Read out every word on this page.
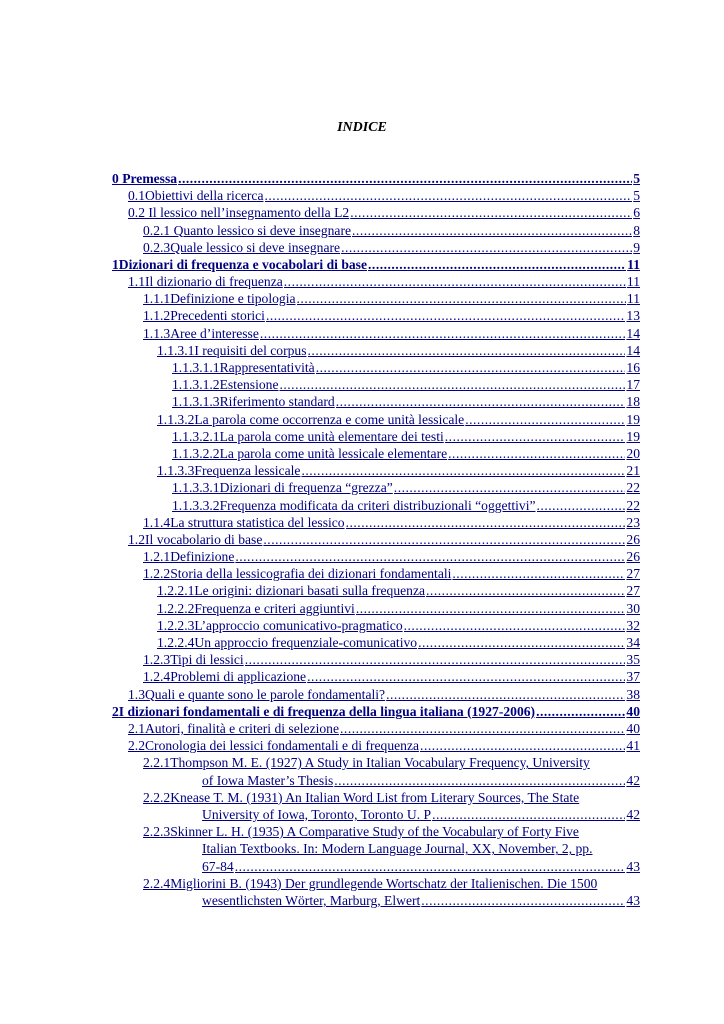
INDICE
0 Premessa .....	5
0.1Obiettivi della ricerca .....	5
0.2 Il lessico nell’insegnamento della L2 .....	6
0.2.1 Quanto lessico si deve insegnare .....	8
0.2.3Quale lessico si deve insegnare .....	9
1Dizionari di frequenza e vocabolari di base .....	11
1.1Il dizionario di frequenza .....	11
1.1.1Definizione e tipologia .....	11
1.1.2Precedenti storici .....	13
1.1.3Aree d’interesse .....	14
1.1.3.1I requisiti del corpus .....	14
1.1.3.1.1Rappresentatività .....	16
1.1.3.1.2Estensione .....	17
1.1.3.1.3Riferimento standard .....	18
1.1.3.2La parola come occorrenza e come unità lessicale .....	19
1.1.3.2.1La parola come unità elementare dei testi .....	19
1.1.3.2.2La parola come unità lessicale elementare .....	20
1.1.3.3Frequenza lessicale .....	21
1.1.3.3.1Dizionari di frequenza “grezza” .....	22
1.1.3.3.2Frequenza modificata da criteri distribuzionali “oggettivi” .....	22
1.1.4La struttura statistica del lessico .....	23
1.2Il vocabolario di base .....	26
1.2.1Definizione .....	26
1.2.2Storia della lessicografia dei dizionari fondamentali .....	27
1.2.2.1Le origini: dizionari basati sulla frequenza .....	27
1.2.2.2Frequenza e criteri aggiuntivi .....	30
1.2.2.3L’approccio comunicativo-pragmatico .....	32
1.2.2.4Un approccio frequenziale-comunicativo .....	34
1.2.3Tipi di lessici .....	35
1.2.4Problemi di applicazione .....	37
1.3Quali e quante sono le parole fondamentali? .....	38
2I dizionari fondamentali e di frequenza della lingua italiana (1927-2006) .....	40
2.1Autori, finalità e criteri di selezione .....	40
2.2Cronologia dei lessici fondamentali e di frequenza .....	41
2.2.1Thompson M. E. (1927) A Study in Italian Vocabulary Frequency, University
of Iowa Master’s Thesis .....	42
2.2.2Knease T. M. (1931) An Italian Word List from Literary Sources, The State
University of Iowa, Toronto, Toronto U. P .....	42
2.2.3Skinner L. H. (1935) A Comparative Study of the Vocabulary of Forty Five
Italian Textbooks. In: Modern Language Journal, XX, November, 2, pp.
67-84 .....	43
2.2.4Migliorini B. (1943) Der grundlegende Wortschatz der Italienischen. Die 1500
wesentlichsten Wörter, Marburg, Elwert .....	43
